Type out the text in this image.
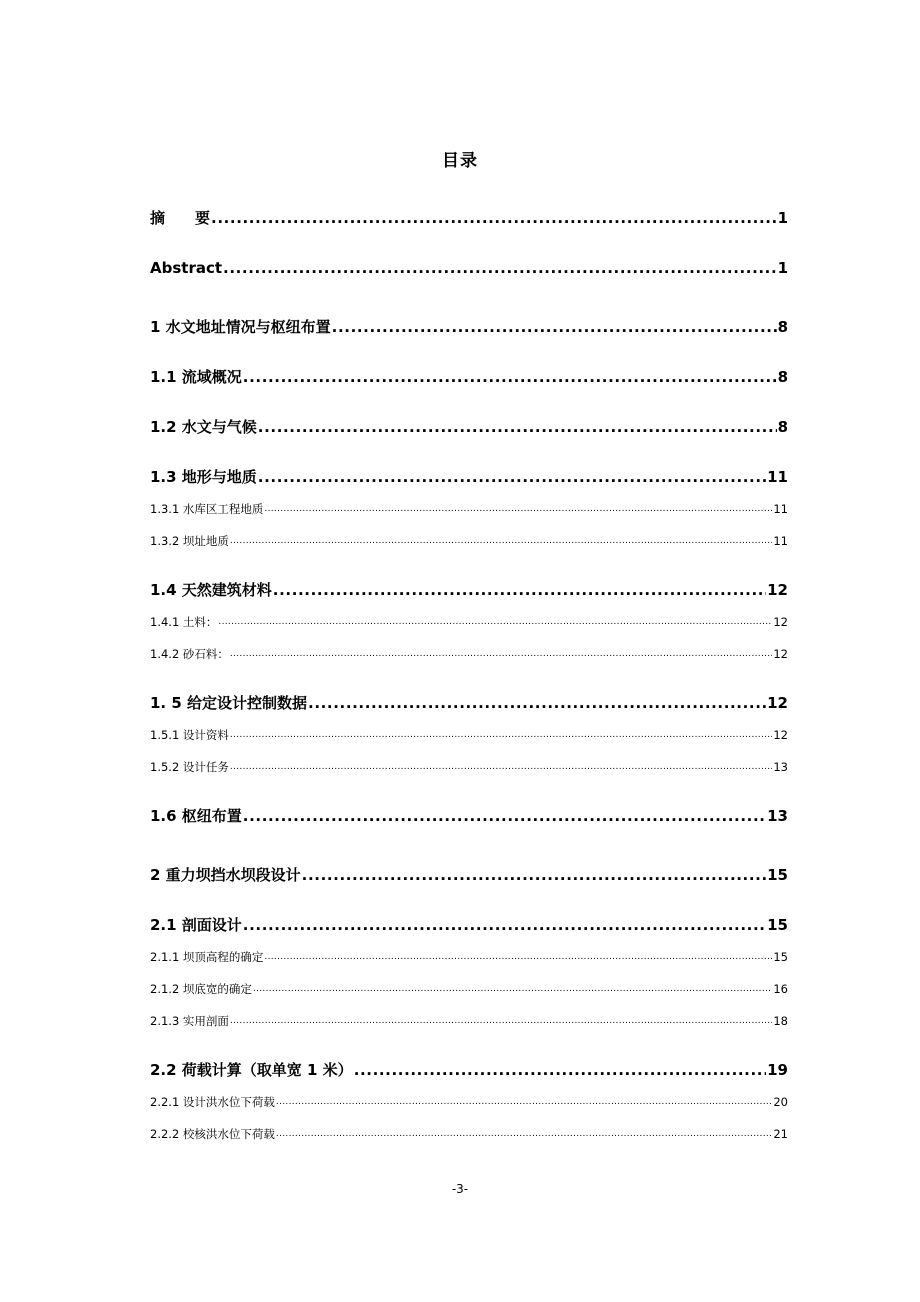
目录
摘　　要 .....	1
Abstract .....	1
1 水文地址情况与枢纽布置 .....	8
1.1 流域概况 .....	8
1.2 水文与气候 .....	8
1.3 地形与地质 .....	11
1.3.1 水库区工程地质 .....	11
1.3.2 坝址地质 .....	11
1.4 天然建筑材料 .....	12
1.4.1 土料： .....	12
1.4.2 砂石料： .....	12
1. 5 给定设计控制数据 .....	12
1.5.1 设计资料 .....	12
1.5.2 设计任务 .....	13
1.6 枢纽布置 .....	13
2 重力坝挡水坝段设计 .....	15
2.1 剖面设计 .....	15
2.1.1 坝顶高程的确定 .....	15
2.1.2 坝底宽的确定 .....	16
2.1.3 实用剖面 .....	18
2.2 荷载计算（取单宽 1 米） .....	19
2.2.1 设计洪水位下荷载 .....	20
2.2.2 校核洪水位下荷载 .....	21
-3-
